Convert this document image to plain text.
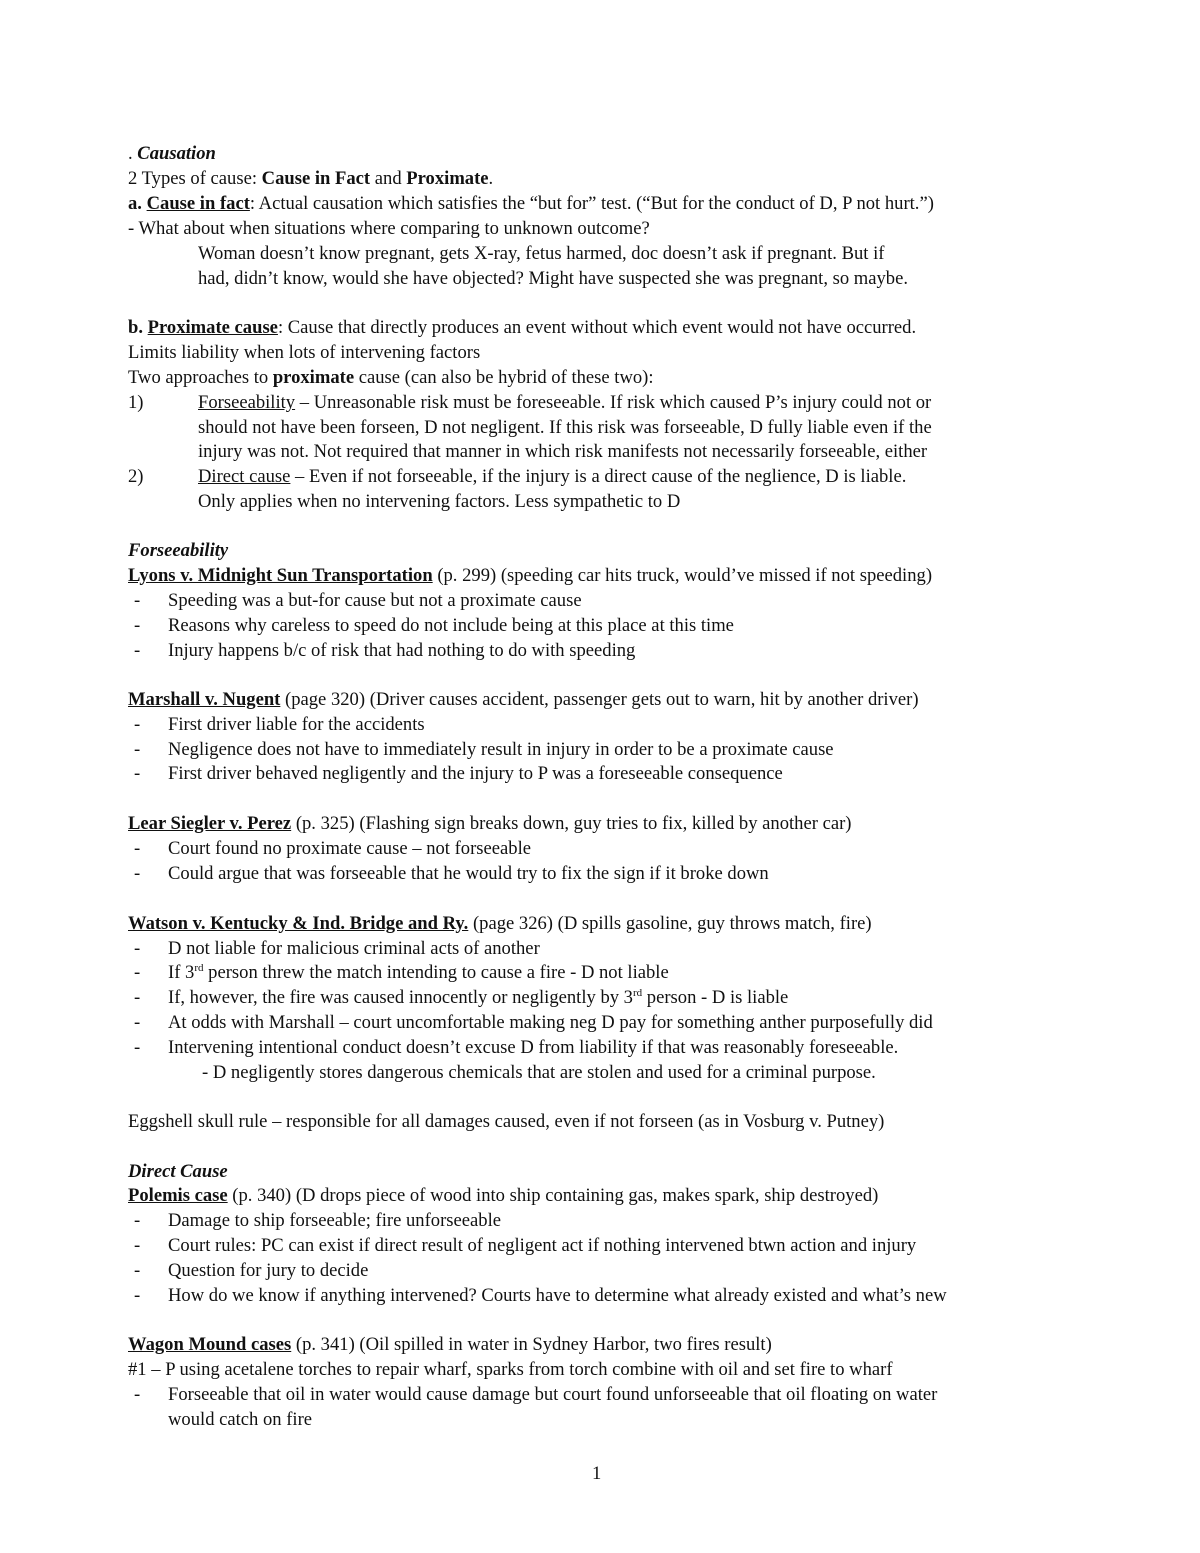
. Causation
2 Types of cause: Cause in Fact and Proximate.
a. Cause in fact: Actual causation which satisfies the “but for” test. (“But for the conduct of D, P not hurt.”)
- What about when situations where comparing to unknown outcome?
Woman doesn’t know pregnant, gets X-ray, fetus harmed, doc doesn’t ask if pregnant. But if
had, didn’t know, would she have objected? Might have suspected she was pregnant, so maybe.
b. Proximate cause: Cause that directly produces an event without which event would not have occurred.
Limits liability when lots of intervening factors
Two approaches to proximate cause (can also be hybrid of these two):
1)	Forseeability – Unreasonable risk must be foreseeable. If risk which caused P’s injury could not or
should not have been forseen, D not negligent. If this risk was forseeable, D fully liable even if the
injury was not. Not required that manner in which risk manifests not necessarily forseeable, either
2)	Direct cause – Even if not forseeable, if the injury is a direct cause of the neglience, D is liable.
Only applies when no intervening factors. Less sympathetic to D
Forseeability
Lyons v. Midnight Sun Transportation (p. 299) (speeding car hits truck, would’ve missed if not speeding)
- Speeding was a but-for cause but not a proximate cause
- Reasons why careless to speed do not include being at this place at this time
- Injury happens b/c of risk that had nothing to do with speeding
Marshall v. Nugent (page 320) (Driver causes accident, passenger gets out to warn, hit by another driver)
- First driver liable for the accidents
- Negligence does not have to immediately result in injury in order to be a proximate cause
- First driver behaved negligently and the injury to P was a foreseeable consequence
Lear Siegler v. Perez (p. 325) (Flashing sign breaks down, guy tries to fix, killed by another car)
- Court found no proximate cause – not forseeable
- Could argue that was forseeable that he would try to fix the sign if it broke down
Watson v. Kentucky & Ind. Bridge and Ry. (page 326) (D spills gasoline, guy throws match, fire)
- D not liable for malicious criminal acts of another
- If 3rd person threw the match intending to cause a fire - D not liable
- If, however, the fire was caused innocently or negligently by 3rd person - D is liable
- At odds with Marshall – court uncomfortable making neg D pay for something anther purposefully did
- Intervening intentional conduct doesn’t excuse D from liability if that was reasonably foreseeable.
- D negligently stores dangerous chemicals that are stolen and used for a criminal purpose.
Eggshell skull rule – responsible for all damages caused, even if not forseen (as in Vosburg v. Putney)
Direct Cause
Polemis case (p. 340) (D drops piece of wood into ship containing gas, makes spark, ship destroyed)
- Damage to ship forseeable; fire unforseeable
- Court rules: PC can exist if direct result of negligent act if nothing intervened btwn action and injury
- Question for jury to decide
- How do we know if anything intervened? Courts have to determine what already existed and what’s new
Wagon Mound cases (p. 341) (Oil spilled in water in Sydney Harbor, two fires result)
#1 – P using acetalene torches to repair wharf, sparks from torch combine with oil and set fire to wharf
- Forseeable that oil in water would cause damage but court found unforseeable that oil floating on water
would catch on fire
1
